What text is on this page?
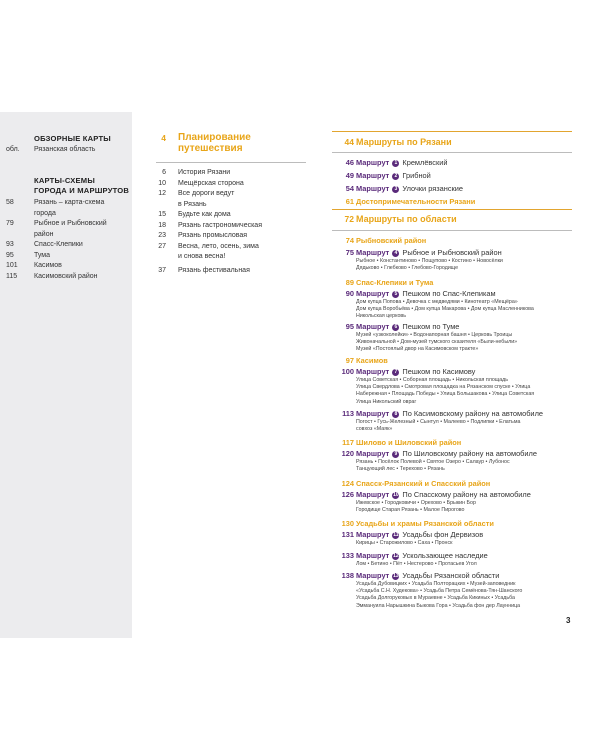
ОБЗОРНЫЕ КАРТЫ
обл.	Рязанская область
КАРТЫ-СХЕМЫ
ГОРОДА И МАРШРУТОВ
58	Рязань – карта-схема
города
79	Рыбное и Рыбновский
район
93	Спасс-Клепики
95	Тума
101	Касимов
115	Касимовский район
4 Планирование
путешествия
6	История Рязани
10	Мещёрская сторона
12	Все дороги ведут
в Рязань
15	Будьте как дома
18	Рязань гастрономическая
23	Рязань промысловая
27	Весна, лето, осень, зима
и снова весна!
37	Рязань фестивальная
44 Маршруты по Рязани
46 Маршрут 1 Кремлёвский
49 Маршрут 2 Грибной
54 Маршрут 3 Улочки рязанские
61 Достопримечательности Рязани
72 Маршруты по области
74 Рыбновский район
75 Маршрут 4 Рыбное и Рыбновский район
Рыбное • Константиново • Пощупово • Костино • Новосёлки
Дядьково • Глебково • Глебово-Городище
89 Спас-Клепики и Тума
90 Маршрут 5 Пешком по Спас-Клепикам
Дом купца Попова • Девочка с медведями • Кинотеатр «Мещёра»
Дом купца Воробьёва • Дом купца Макарова • Дом купца Масленникова
Никольская церковь
95 Маршрут 6 Пешком по Туме
Музей «узкоколейки» • Водонапорная башня • Церковь Троицы
Живоначальной • Дом-музей тумского сказителя «Были-небыли»
Музей «Постоялый двор на Касимовском тракте»
97 Касимов
100 Маршрут 7 Пешком по Касимову
Улица Советская • Соборная площадь • Никольская площадь
Улица Свердлова • Смотровая площадка на Рязанском спуске • Улица
Набережная • Площадь Победы • Улица Большакова • Улица Советская
Улица Никольский овраг
113 Маршрут 8 По Касимовскому району на автомобиле
Погост • Гусь-Железный • Сынтул • Малеево • Подлипки • Елатьма
совхоз «Маяк»
117 Шилово и Шиловский район
120 Маршрут 9 По Шиловскому району на автомобиле
Рязань • Посёлок Полевой • Святое Озеро • Салаур • Лубонос
Танцующий лес • Терехово • Рязань
124 Спасск-Рязанский и Спасский район
126 Маршрут 10 По Спасскому району на автомобиле
Ижевское • Городковичи • Орехово • Брыкин Бор
Городище Старая Рязань • Малое Пирогово
130 Усадьбы и храмы Рязанской области
131 Маршрут 11 Усадьбы фон Дервизов
Кирицы • Старожилово • Саха • Пронск
133 Маршрут 12 Ускользающее наследие
Лом • Бетино • Пёт • Нестерово • Протасьев Угол
138 Маршрут 13 Усадьбы Рязанской области
Усадьба Дубовицких • Усадьба Полторацких • Музей-заповедник
«Усадьба С.Н. Худекова» • Усадьба Петра Семёнова-Тян-Шанского
Усадьба Долгоруковых в Мураевне • Усадьба Кикиных • Усадьба
Эммануила Нарышкина Быкова Гора • Усадьба фон дер Лаунница
3
